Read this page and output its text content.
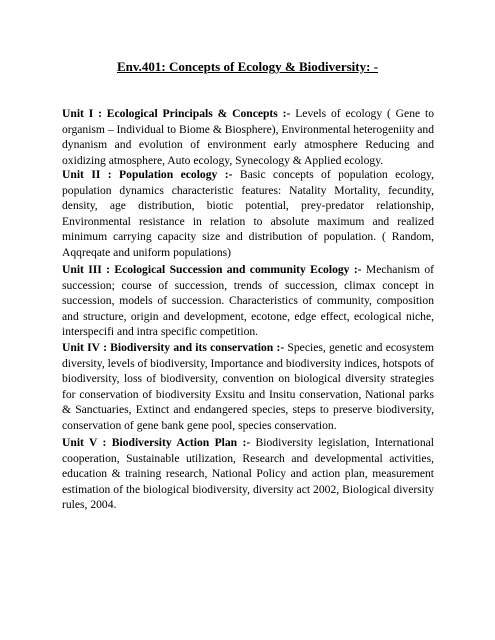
Env.401: Concepts of Ecology & Biodiversity: -

Unit I : Ecological Principals & Concepts :- Levels of ecology ( Gene to organism – Individual to Biome & Biosphere), Environmental heterogeniity and dynanism and evolution of environment early atmosphere Reducing and oxidizing atmosphere, Auto ecology, Synecology & Applied ecology.

Unit II : Population ecology :- Basic concepts of population ecology, population dynamics characteristic features: Natality Mortality, fecundity, density, age distribution, biotic potential, prey-predator relationship, Environmental resistance in relation to absolute maximum and realized minimum carrying capacity size and distribution of population. ( Random, Aqqreqate and uniform populations)

Unit III : Ecological Succession and community Ecology :- Mechanism of succession; course of succession, trends of succession, climax concept in succession, models of succession. Characteristics of community, composition and structure, origin and development, ecotone, edge effect, ecological niche, interspecifi and intra specific competition.

Unit IV : Biodiversity and its conservation :- Species, genetic and ecosystem diversity, levels of biodiversity, Importance and biodiversity indices, hotspots of biodiversity, loss of biodiversity, convention on biological diversity strategies for conservation of biodiversity Exsitu and Insitu conservation, National parks & Sanctuaries, Extinct and endangered species, steps to preserve biodiversity, conservation of gene bank gene pool, species conservation.

Unit V : Biodiversity Action Plan :- Biodiversity legislation, International cooperation, Sustainable utilization, Research and developmental activities, education & training research, National Policy and action plan, measurement estimation of the biological biodiversity, diversity act 2002, Biological diversity rules, 2004.
